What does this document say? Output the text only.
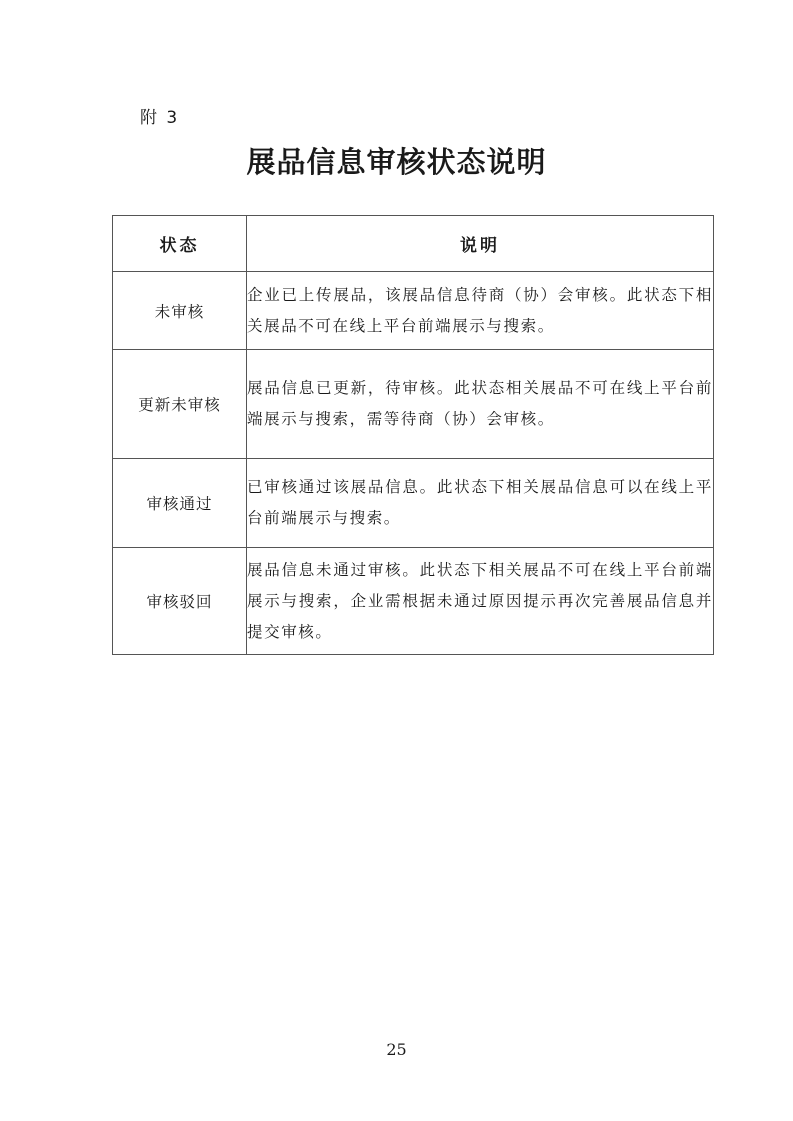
附 3
展品信息审核状态说明
状态	说明
未审核	企业已上传展品，该展品信息待商（协）会审核。此状态下相关展品不可在线上平台前端展示与搜索。
更新未审核	展品信息已更新，待审核。此状态相关展品不可在线上平台前端展示与搜索，需等待商（协）会审核。
审核通过	已审核通过该展品信息。此状态下相关展品信息可以在线上平台前端展示与搜索。
审核驳回	展品信息未通过审核。此状态下相关展品不可在线上平台前端展示与搜索，企业需根据未通过原因提示再次完善展品信息并提交审核。
25
